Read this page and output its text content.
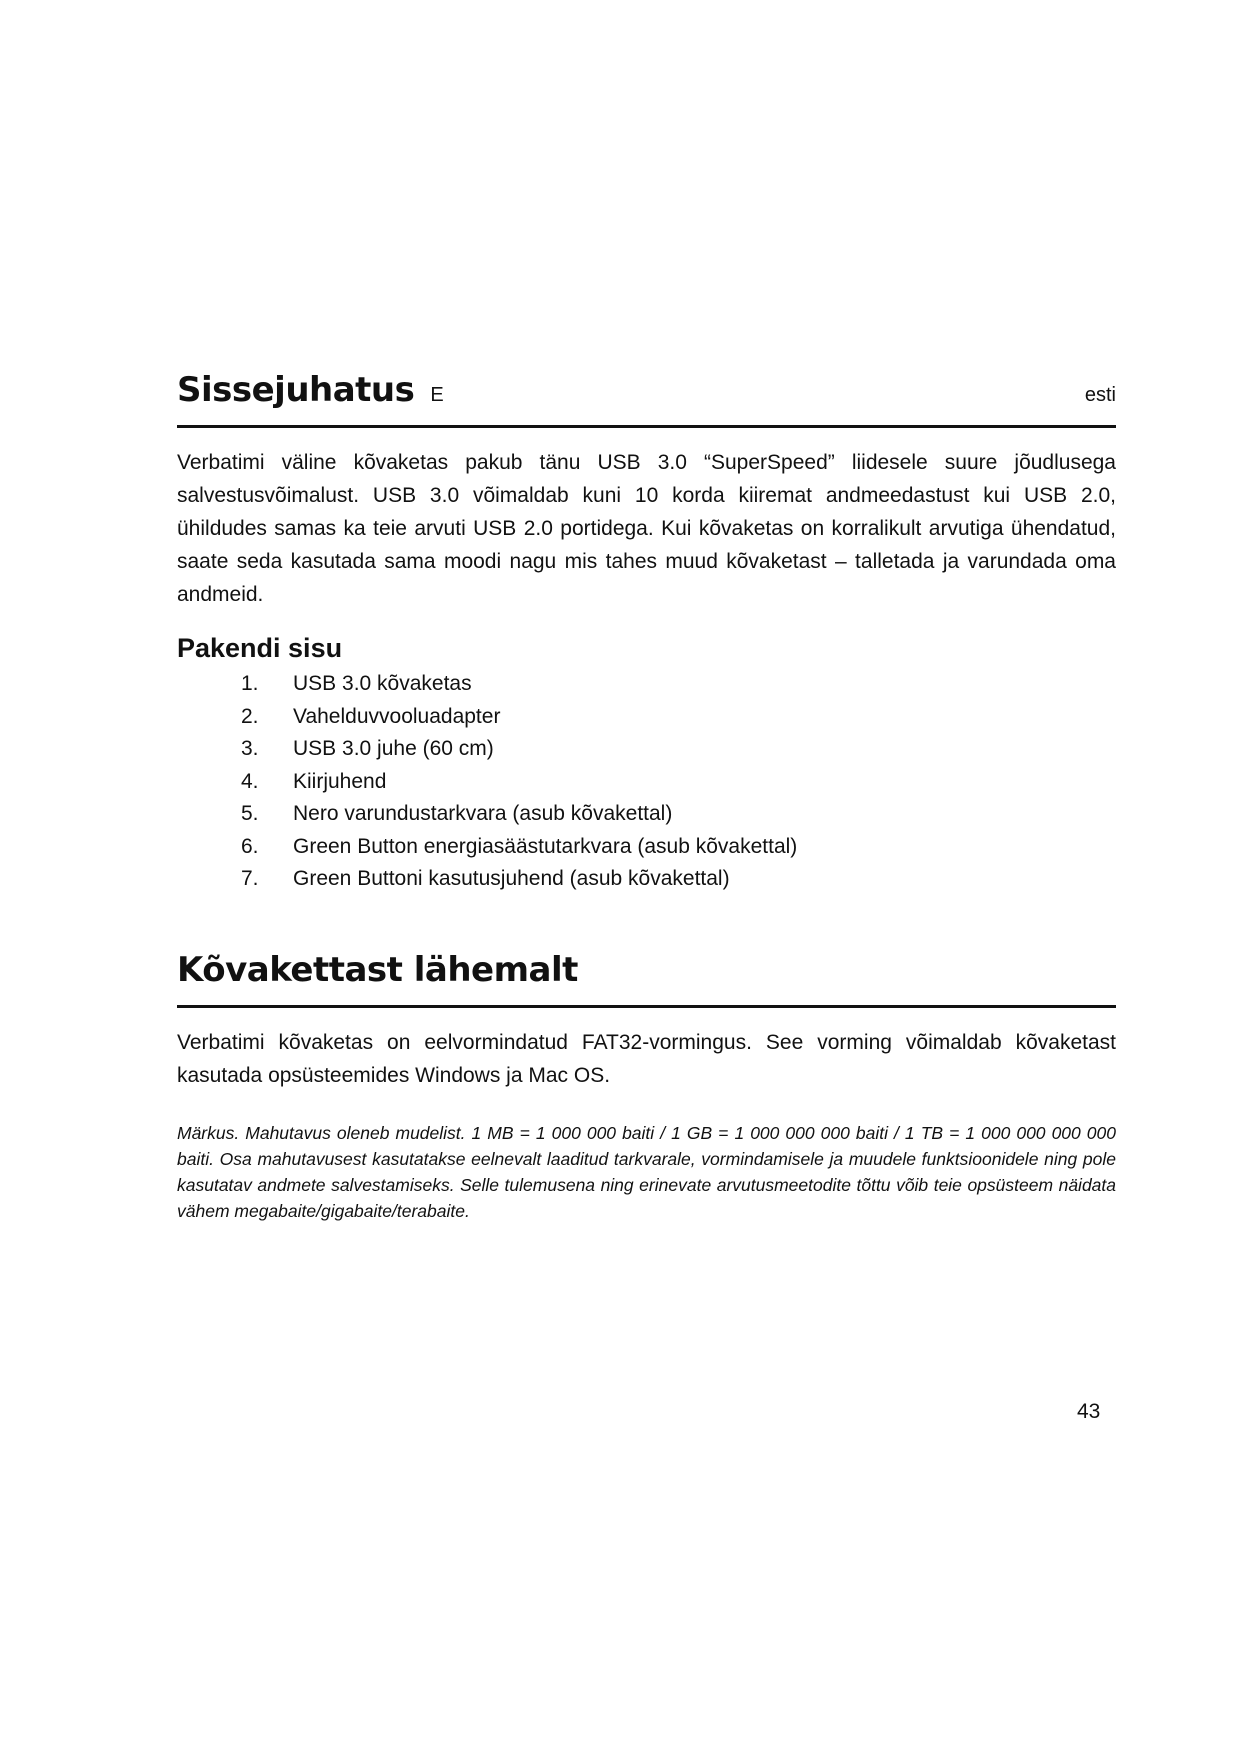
Sissejuhatus E	esti

Verbatimi väline kõvaketas pakub tänu USB 3.0 “SuperSpeed” liidesele suure jõudlusega salvestusvõimalust. USB 3.0 võimaldab kuni 10 korda kiiremat andmeedastust kui USB 2.0, ühildudes samas ka teie arvuti USB 2.0 portidega. Kui kõvaketas on korralikult arvutiga ühendatud, saate seda kasutada sama moodi nagu mis tahes muud kõvaketast – talletada ja varundada oma andmeid.

Pakendi sisu
1.	USB 3.0 kõvaketas
2.	Vahelduvvooluadapter
3.	USB 3.0 juhe (60 cm)
4.	Kiirjuhend
5.	Nero varundustarkvara (asub kõvakettal)
6.	Green Button energiasäästutarkvara (asub kõvakettal)
7.	Green Buttoni kasutusjuhend (asub kõvakettal)
Kõvakettast lähemalt

Verbatimi kõvaketas on eelvormindatud FAT32-vormingus. See vorming võimaldab kõvaketast kasutada opsüsteemides Windows ja Mac OS.

Märkus. Mahutavus oleneb mudelist. 1 MB = 1 000 000 baiti / 1 GB = 1 000 000 000 baiti / 1 TB = 1 000 000 000 000 baiti. Osa mahutavusest kasutatakse eelnevalt laaditud tarkvarale, vormindamisele ja muudele funktsioonidele ning pole kasutatav andmete salvestamiseks. Selle tulemusena ning erinevate arvutusmeetodite tõttu võib teie opsüsteem näidata vähem megabaite/gigabaite/terabaite.

43
